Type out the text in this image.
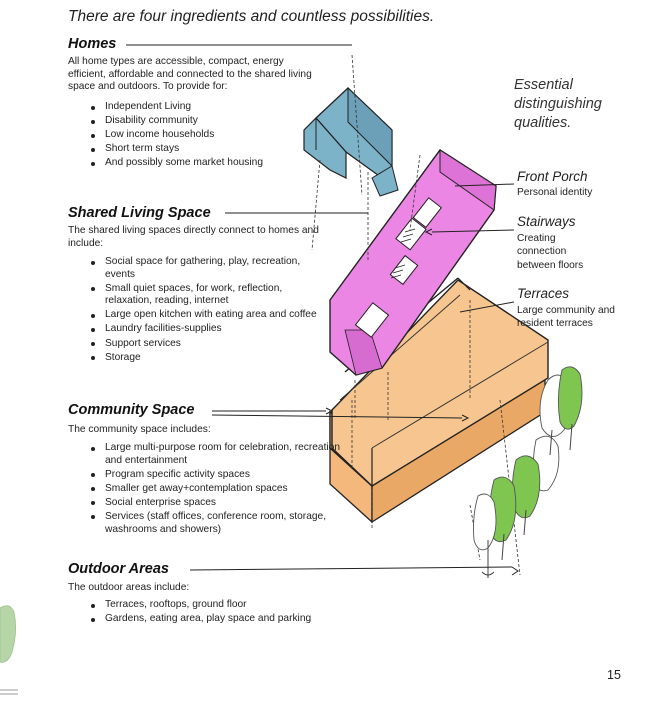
There are four ingredients and countless possibilities.
Homes
All home types are accessible, compact, energy efficient, affordable and connected to the shared living space and outdoors. To provide for:
Independent Living
Disability community
Low income households
Short term stays
And possibly some market housing
Shared Living Space
The shared living spaces directly connect to homes and include:
Social space for gathering, play, recreation, events
Small quiet spaces, for work, reflection, relaxation, reading, internet
Large open kitchen with eating area and coffee
Laundry facilities-supplies
Support services
Storage
Community Space
The community space includes:
Large multi-purpose room for celebration, recreation and entertainment
Program specific activity spaces
Smaller get away+contemplation spaces
Social enterprise spaces
Services (staff offices, conference room, storage, washrooms and showers)
Outdoor Areas
The outdoor areas include:
Terraces, rooftops, ground floor
Gardens, eating area, play space and parking
Essential distinguishing qualities.
Front Porch
Personal identity
Stairways
Creating connection between floors
Terraces
Large community and resident terraces
15
